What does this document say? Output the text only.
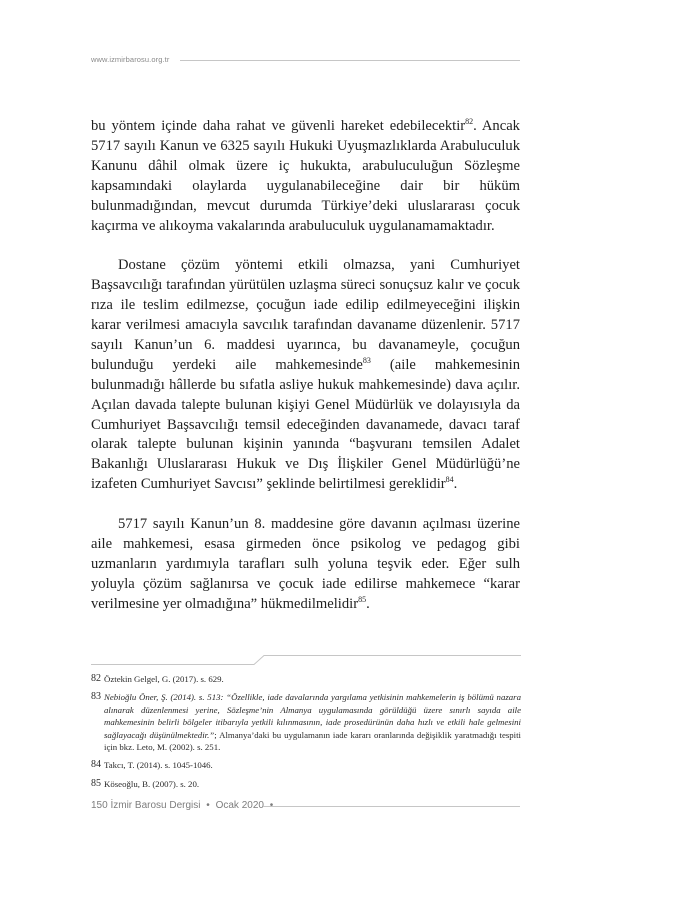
www.izmirbarosu.org.tr

bu yöntem içinde daha rahat ve güvenli hareket edebilecektir$^{82}$. Ancak 5717 sayılı Kanun ve 6325 sayılı Hukuki Uyuşmazlıklarda Arabuluculuk Kanunu dâhil olmak üzere iç hukukta, arabuluculuğun Sözleşme kapsamındaki olaylarda uygulanabileceğine dair bir hüküm bulunmadığından, mevcut durumda Türkiye’deki uluslararası çocuk kaçırma ve alıkoyma vakalarında arabuluculuk uygulanamamaktadır.

Dostane çözüm yöntemi etkili olmazsa, yani Cumhuriyet Başsavcılığı tarafından yürütülen uzlaşma süreci sonuçsuz kalır ve çocuk rıza ile teslim edilmezse, çocuğun iade edilip edilmeyeceğini ilişkin karar verilmesi amacıyla savcılık tarafından davaname düzenlenir. 5717 sayılı Kanun’un 6. maddesi uyarınca, bu davanameyle, çocuğun bulunduğu yerdeki aile mahkemesinde$^{83}$ (aile mahkemesinin bulunmadığı hâllerde bu sıfatla asliye hukuk mahkemesinde) dava açılır. Açılan davada talepte bulunan kişiyi Genel Müdürlük ve dolayısıyla da Cumhuriyet Başsavcılığı temsil edeceğinden davanamede, davacı taraf olarak talepte bulunan kişinin yanında “başvuranı temsilen Adalet Bakanlığı Uluslararası Hukuk ve Dış İlişkiler Genel Müdürlüğü’ne izafeten Cumhuriyet Savcısı” şeklinde belirtilmesi gereklidir$^{84}$.

5717 sayılı Kanun’un 8. maddesine göre davanın açılması üzerine aile mahkemesi, esasa girmeden önce psikolog ve pedagog gibi uzmanların yardımıyla tarafları sulh yoluna teşvik eder. Eğer sulh yoluyla çözüm sağlanırsa ve çocuk iade edilirse mahkemece “karar verilmesine yer olmadığına” hükmedilmelidir$^{85}$.

82 Öztekin Gelgel, G. (2017). s. 629.
83 Nebioğlu Öner, Ş. (2014). s. 513: “Özellikle, iade davalarında yargılama yetkisinin mahkemelerin iş bölümü nazara alınarak düzenlenmesi yerine, Sözleşme’nin Almanya uygulamasında görüldüğü üzere sınırlı sayıda aile mahkemesinin belirli bölgeler itibarıyla yetkili kılınmasının, iade prosedürünün daha hızlı ve etkili hale gelmesini sağlayacağı düşünülmektedir.”; Almanya’daki bu uygulamanın iade kararı oranlarında değişiklik yaratmadığı tespiti için bkz. Leto, M. (2002). s. 251.
84 Takcı, T. (2014). s. 1045-1046.
85 Köseoğlu, B. (2007). s. 20.
150 İzmir Barosu Dergisi • Ocak 2020 •
